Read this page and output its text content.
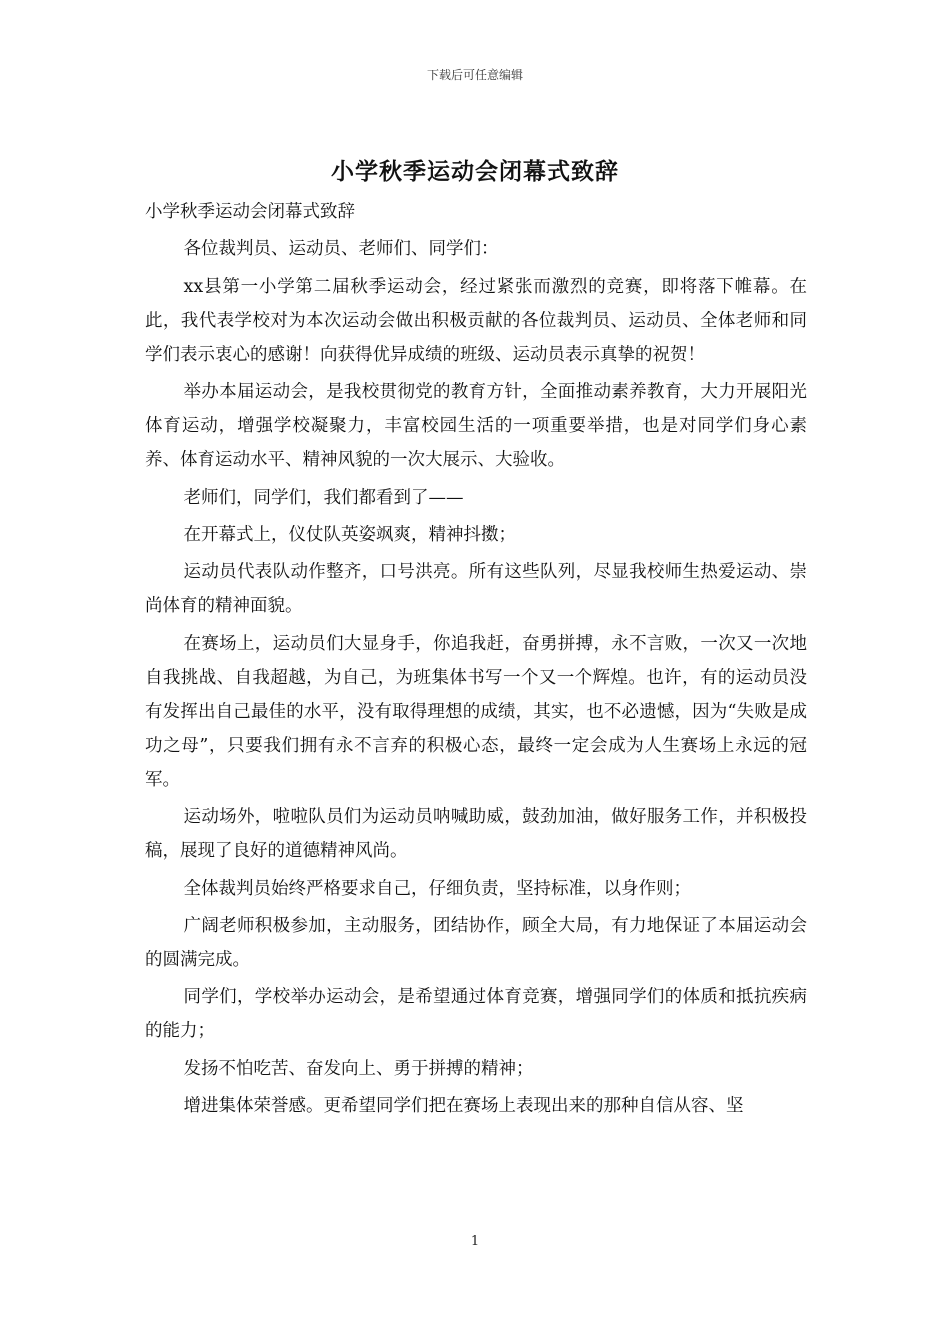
下载后可任意编辑
小学秋季运动会闭幕式致辞

小学秋季运动会闭幕式致辞

各位裁判员、运动员、老师们、同学们：

xx县第一小学第二届秋季运动会，经过紧张而激烈的竞赛，即将落下帷幕。在此，我代表学校对为本次运动会做出积极贡献的各位裁判员、运动员、全体老师和同学们表示衷心的感谢！向获得优异成绩的班级、运动员表示真挚的祝贺！

举办本届运动会，是我校贯彻党的教育方针，全面推动素养教育，大力开展阳光体育运动，增强学校凝聚力，丰富校园生活的一项重要举措，也是对同学们身心素养、体育运动水平、精神风貌的一次大展示、大验收。

老师们，同学们，我们都看到了——

在开幕式上，仪仗队英姿飒爽，精神抖擞；

运动员代表队动作整齐，口号洪亮。所有这些队列，尽显我校师生热爱运动、崇尚体育的精神面貌。

在赛场上，运动员们大显身手，你追我赶，奋勇拼搏，永不言败，一次又一次地自我挑战、自我超越，为自己，为班集体书写一个又一个辉煌。也许，有的运动员没有发挥出自己最佳的水平，没有取得理想的成绩，其实，也不必遗憾，因为“失败是成功之母”，只要我们拥有永不言弃的积极心态，最终一定会成为人生赛场上永远的冠军。

运动场外，啦啦队员们为运动员呐喊助威，鼓劲加油，做好服务工作，并积极投稿，展现了良好的道德精神风尚。

全体裁判员始终严格要求自己，仔细负责，坚持标准，以身作则；

广阔老师积极参加，主动服务，团结协作，顾全大局，有力地保证了本届运动会的圆满完成。

同学们，学校举办运动会，是希望通过体育竞赛，增强同学们的体质和抵抗疾病的能力；

发扬不怕吃苦、奋发向上、勇于拼搏的精神；

增进集体荣誉感。更希望同学们把在赛场上表现出来的那种自信从容、坚

1
